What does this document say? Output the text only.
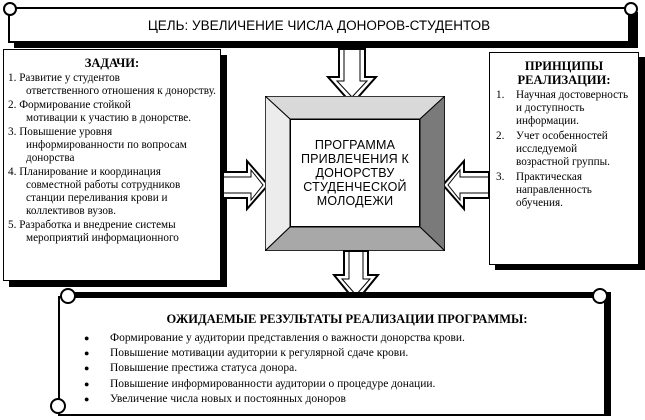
ЦЕЛЬ: УВЕЛИЧЕНИЕ ЧИСЛА ДОНОРОВ-СТУДЕНТОВ
ЗАДАЧИ:
1. Развитие у студентов
ответственного отношения к донорству.
2. Формирование стойкой
мотивации к участию в донорстве.
3. Повышение уровня
информированности по вопросам донорства
4. Планирование и координация
совместной работы сотрудников станции переливания крови и коллективов вузов.
5. Разработка и внедрение системы
мероприятий информационного
ПРИНЦИПЫ РЕАЛИЗАЦИИ:
1.	Научная достоверность и доступность информации.
2.	Учет особенностей исследуемой возрастной группы.
3.	Практическая направленность обучения.
ПРОГРАММА ПРИВЛЕЧЕНИЯ К ДОНОРСТВУ СТУДЕНЧЕСКОЙ МОЛОДЕЖИ
ОЖИДАЕМЫЕ РЕЗУЛЬТАТЫ РЕАЛИЗАЦИИ ПРОГРАММЫ:
●	Формирование у аудитории представления о важности донорства крови.
●	Повышение мотивации аудитории к регулярной сдаче крови.
●	Повышение престижа статуса донора.
●	Повышение информированности аудитории о процедуре донации.
●	Увеличение числа новых и постоянных доноров
